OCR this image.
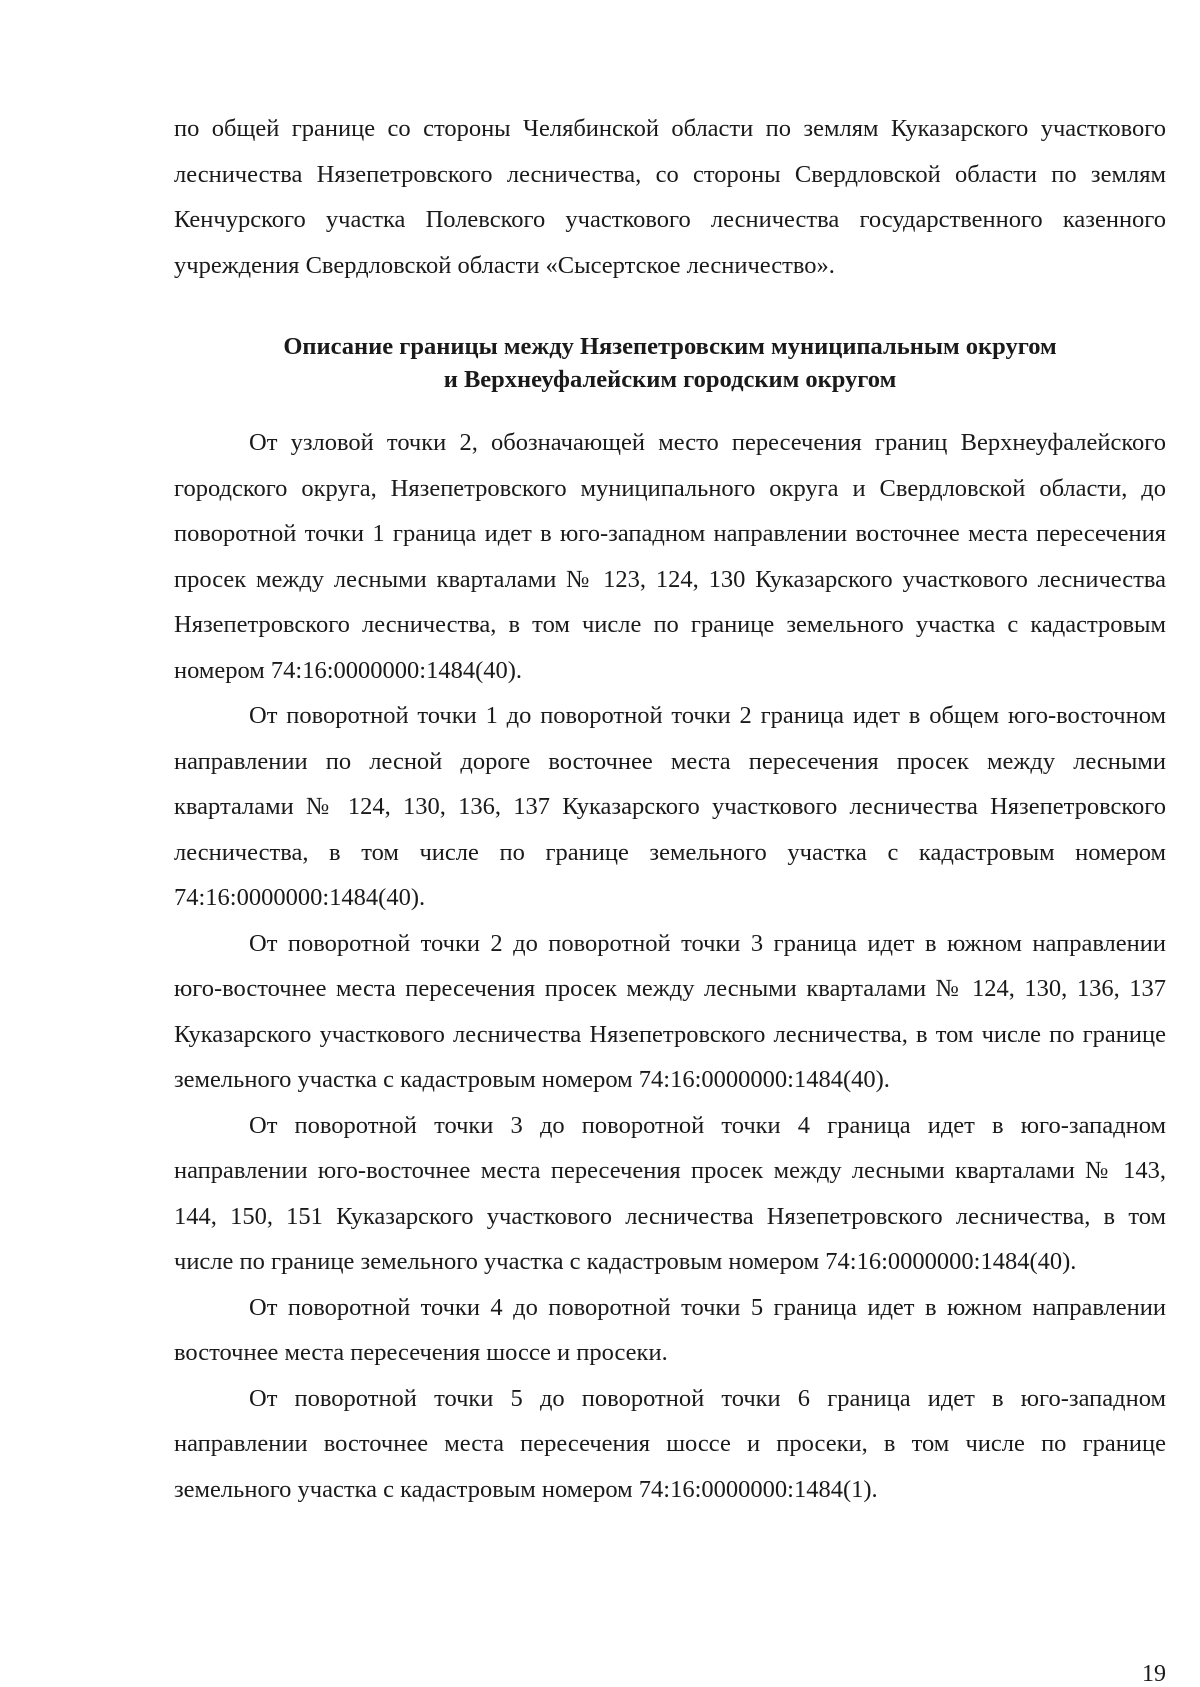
по общей границе со стороны Челябинской области по землям Куказарского участкового лесничества Нязепетровского лесничества, со стороны Свердловской области по землям Кенчурского участка Полевского участкового лесничества государственного казенного учреждения Свердловской области «Сысертское лесничество».

Описание границы между Нязепетровским муниципальным округом
и Верхнеуфалейским городским округом

От узловой точки 2, обозначающей место пересечения границ Верхнеуфалейского городского округа, Нязепетровского муниципального округа и Свердловской области, до поворотной точки 1 граница идет в юго-западном направлении восточнее места пересечения просек между лесными кварталами № 123, 124, 130 Куказарского участкового лесничества Нязепетровского лесничества, в том числе по границе земельного участка с кадастровым номером 74:16:0000000:1484(40).

От поворотной точки 1 до поворотной точки 2 граница идет в общем юго-восточном направлении по лесной дороге восточнее места пересечения просек между лесными кварталами № 124, 130, 136, 137 Куказарского участкового лесничества Нязепетровского лесничества, в том числе по границе земельного участка с кадастровым номером 74:16:0000000:1484(40).

От поворотной точки 2 до поворотной точки 3 граница идет в южном направлении юго-восточнее места пересечения просек между лесными кварталами № 124, 130, 136, 137 Куказарского участкового лесничества Нязепетровского лесничества, в том числе по границе земельного участка с кадастровым номером 74:16:0000000:1484(40).

От поворотной точки 3 до поворотной точки 4 граница идет в юго-западном направлении юго-восточнее места пересечения просек между лесными кварталами № 143, 144, 150, 151 Куказарского участкового лесничества Нязепетровского лесничества, в том числе по границе земельного участка с кадастровым номером 74:16:0000000:1484(40).

От поворотной точки 4 до поворотной точки 5 граница идет в южном направлении восточнее места пересечения шоссе и просеки.

От поворотной точки 5 до поворотной точки 6 граница идет в юго-западном направлении восточнее места пересечения шоссе и просеки, в том числе по границе земельного участка с кадастровым номером 74:16:0000000:1484(1).

19
